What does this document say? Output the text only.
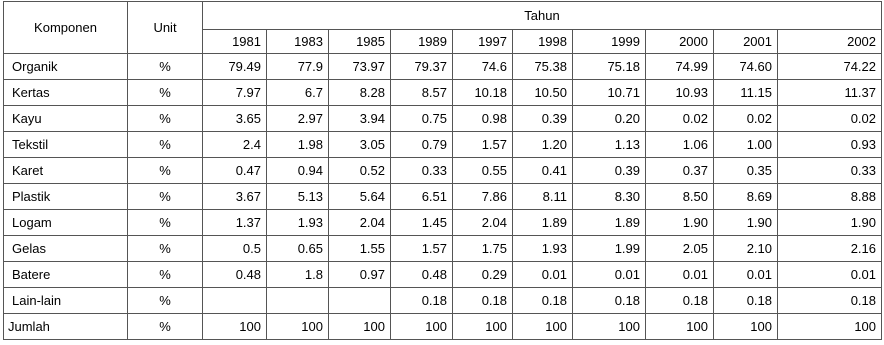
Komponen	Unit	Tahun									
		1981	1983	1985	1989	1997	1998	1999	2000	2001	2002
Organik	%	79.49	77.9	73.97	79.37	74.6	75.38	75.18	74.99	74.60	74.22
Kertas	%	7.97	6.7	8.28	8.57	10.18	10.50	10.71	10.93	11.15	11.37
Kayu	%	3.65	2.97	3.94	0.75	0.98	0.39	0.20	0.02	0.02	0.02
Tekstil	%	2.4	1.98	3.05	0.79	1.57	1.20	1.13	1.06	1.00	0.93
Karet	%	0.47	0.94	0.52	0.33	0.55	0.41	0.39	0.37	0.35	0.33
Plastik	%	3.67	5.13	5.64	6.51	7.86	8.11	8.30	8.50	8.69	8.88
Logam	%	1.37	1.93	2.04	1.45	2.04	1.89	1.89	1.90	1.90	1.90
Gelas	%	0.5	0.65	1.55	1.57	1.75	1.93	1.99	2.05	2.10	2.16
Batere	%	0.48	1.8	0.97	0.48	0.29	0.01	0.01	0.01	0.01	0.01
Lain-lain	%				0.18	0.18	0.18	0.18	0.18	0.18	0.18
Jumlah	%	100	100	100	100	100	100	100	100	100	100
